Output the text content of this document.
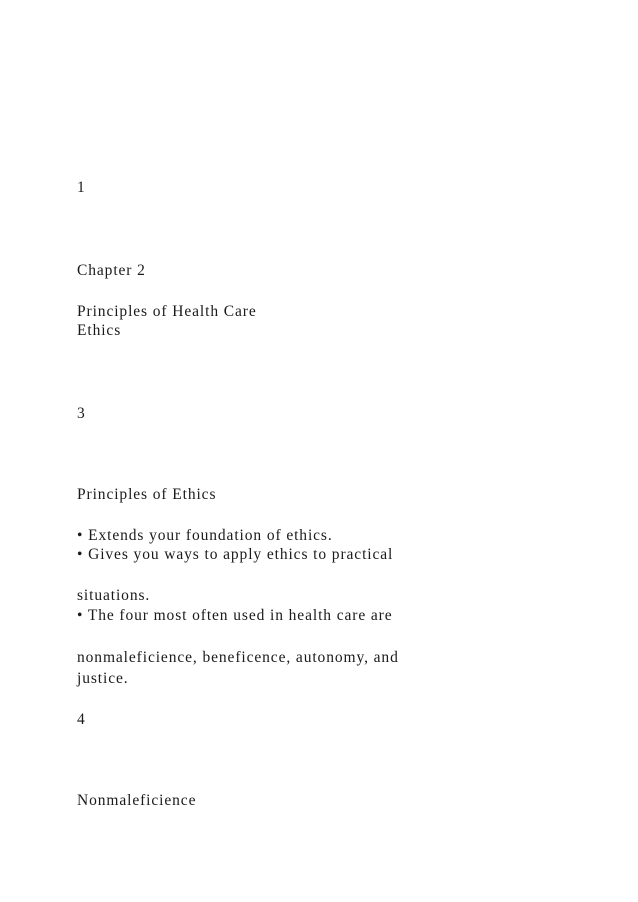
1
Chapter 2
Principles of Health Care
Ethics
3
Principles of Ethics
• Extends your foundation of ethics.
• Gives you ways to apply ethics to practical
situations.
• The four most often used in health care are
nonmaleficience, beneficence, autonomy, and
justice.
4
Nonmaleficience
